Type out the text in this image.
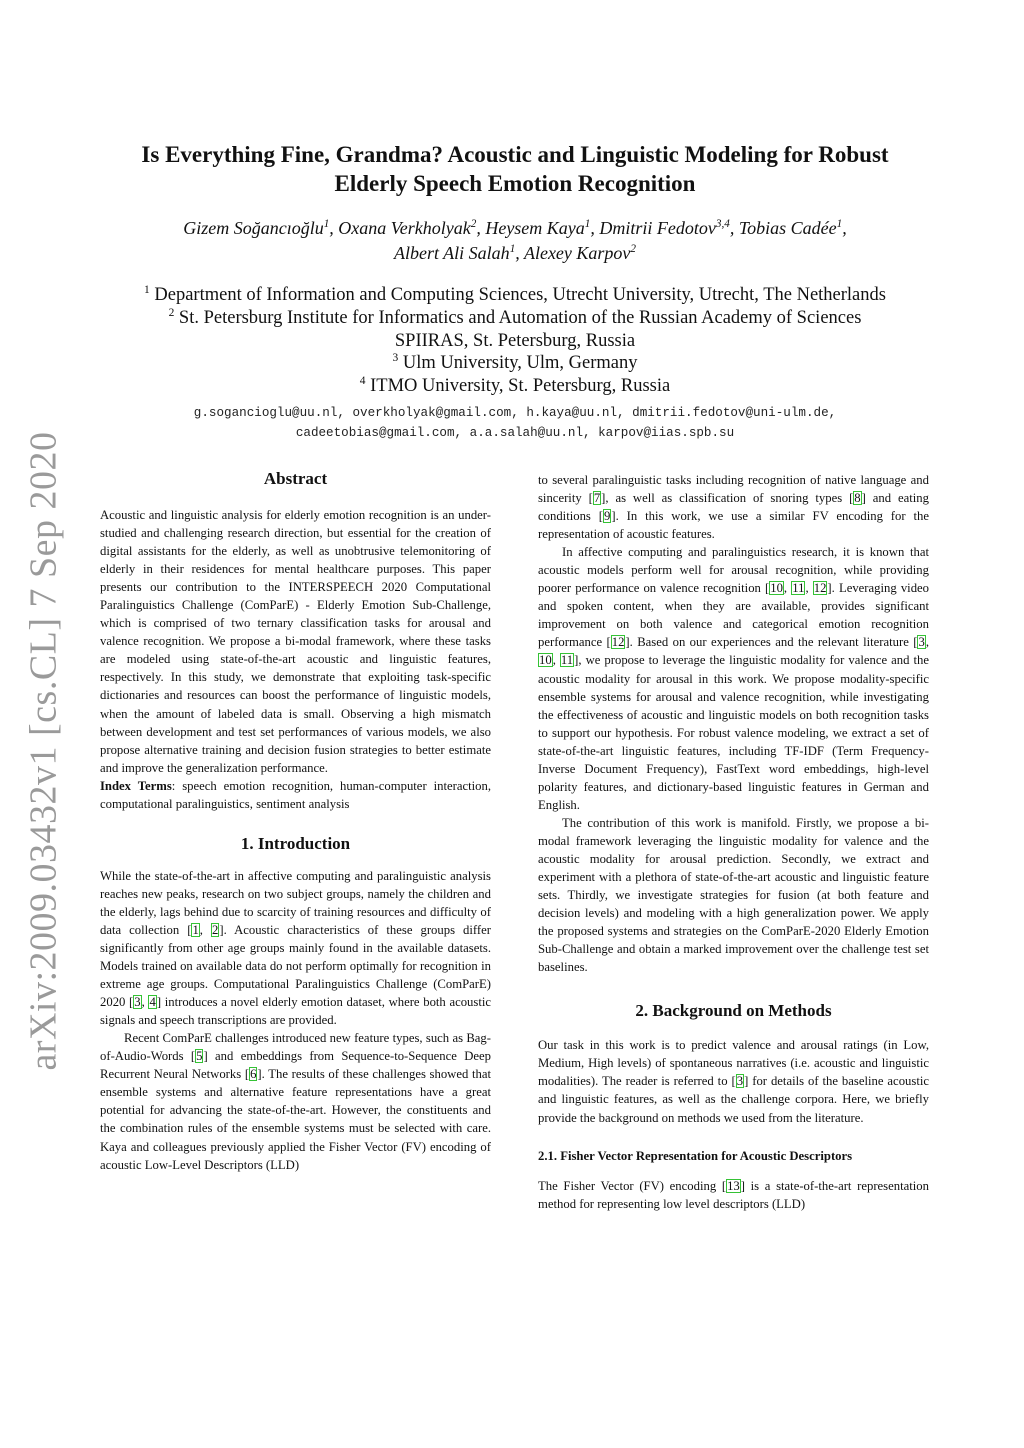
arXiv:2009.03432v1 [cs.CL] 7 Sep 2020
Is Everything Fine, Grandma? Acoustic and Linguistic Modeling for Robust
Elderly Speech Emotion Recognition
Gizem Soğancıoğlu$^1$, Oxana Verkholyak$^2$, Heysem Kaya$^1$, Dmitrii Fedotov$^{3,4}$, Tobias Cadée$^1$,
Albert Ali Salah$^1$, Alexey Karpov$^2$
$^1$ Department of Information and Computing Sciences, Utrecht University, Utrecht, The Netherlands
$^2$ St. Petersburg Institute for Informatics and Automation of the Russian Academy of Sciences
SPIIRAS, St. Petersburg, Russia
$^3$ Ulm University, Ulm, Germany
$^4$ ITMO University, St. Petersburg, Russia
g.sogancioglu@uu.nl, overkholyak@gmail.com, h.kaya@uu.nl, dmitrii.fedotov@uni-ulm.de,
cadeetobias@gmail.com, a.a.salah@uu.nl, karpov@iias.spb.su
Abstract

Acoustic and linguistic analysis for elderly emotion recognition is an under-studied and challenging research direction, but essential for the creation of digital assistants for the elderly, as well as unobtrusive telemonitoring of elderly in their residences for mental healthcare purposes. This paper presents our contribution to the INTERSPEECH 2020 Computational Paralinguistics Challenge (ComParE) - Elderly Emotion Sub-Challenge, which is comprised of two ternary classification tasks for arousal and valence recognition. We propose a bi-modal framework, where these tasks are modeled using state-of-the-art acoustic and linguistic features, respectively. In this study, we demonstrate that exploiting task-specific dictionaries and resources can boost the performance of linguistic models, when the amount of labeled data is small. Observing a high mismatch between development and test set performances of various models, we also propose alternative training and decision fusion strategies to better estimate and improve the generalization performance.

Index Terms: speech emotion recognition, human-computer interaction, computational paralinguistics, sentiment analysis

1. Introduction

While the state-of-the-art in affective computing and paralinguistic analysis reaches new peaks, research on two subject groups, namely the children and the elderly, lags behind due to scarcity of training resources and difficulty of data collection [1, 2]. Acoustic characteristics of these groups differ significantly from other age groups mainly found in the available datasets. Models trained on available data do not perform optimally for recognition in extreme age groups. Computational Paralinguistics Challenge (ComParE) 2020 [3, 4] introduces a novel elderly emotion dataset, where both acoustic signals and speech transcriptions are provided.

Recent ComParE challenges introduced new feature types, such as Bag-of-Audio-Words [5] and embeddings from Sequence-to-Sequence Deep Recurrent Neural Networks [6]. The results of these challenges showed that ensemble systems and alternative feature representations have a great potential for advancing the state-of-the-art. However, the constituents and the combination rules of the ensemble systems must be selected with care. Kaya and colleagues previously applied the Fisher Vector (FV) encoding of acoustic Low-Level Descriptors (LLD)

to several paralinguistic tasks including recognition of native language and sincerity [7], as well as classification of snoring types [8] and eating conditions [9]. In this work, we use a similar FV encoding for the representation of acoustic features.

In affective computing and paralinguistics research, it is known that acoustic models perform well for arousal recognition, while providing poorer performance on valence recognition [10, 11, 12]. Leveraging video and spoken content, when they are available, provides significant improvement on both valence and categorical emotion recognition performance [12]. Based on our experiences and the relevant literature [3, 10, 11], we propose to leverage the linguistic modality for valence and the acoustic modality for arousal in this work. We propose modality-specific ensemble systems for arousal and valence recognition, while investigating the effectiveness of acoustic and linguistic models on both recognition tasks to support our hypothesis. For robust valence modeling, we extract a set of state-of-the-art linguistic features, including TF-IDF (Term Frequency-Inverse Document Frequency), FastText word embeddings, high-level polarity features, and dictionary-based linguistic features in German and English.

The contribution of this work is manifold. Firstly, we propose a bi-modal framework leveraging the linguistic modality for valence and the acoustic modality for arousal prediction. Secondly, we extract and experiment with a plethora of state-of-the-art acoustic and linguistic feature sets. Thirdly, we investigate strategies for fusion (at both feature and decision levels) and modeling with a high generalization power. We apply the proposed systems and strategies on the ComParE-2020 Elderly Emotion Sub-Challenge and obtain a marked improvement over the challenge test set baselines.

2. Background on Methods

Our task in this work is to predict valence and arousal ratings (in Low, Medium, High levels) of spontaneous narratives (i.e. acoustic and linguistic modalities). The reader is referred to [3] for details of the baseline acoustic and linguistic features, as well as the challenge corpora. Here, we briefly provide the background on methods we used from the literature.

2.1. Fisher Vector Representation for Acoustic Descriptors

The Fisher Vector (FV) encoding [13] is a state-of-the-art representation method for representing low level descriptors (LLD)
